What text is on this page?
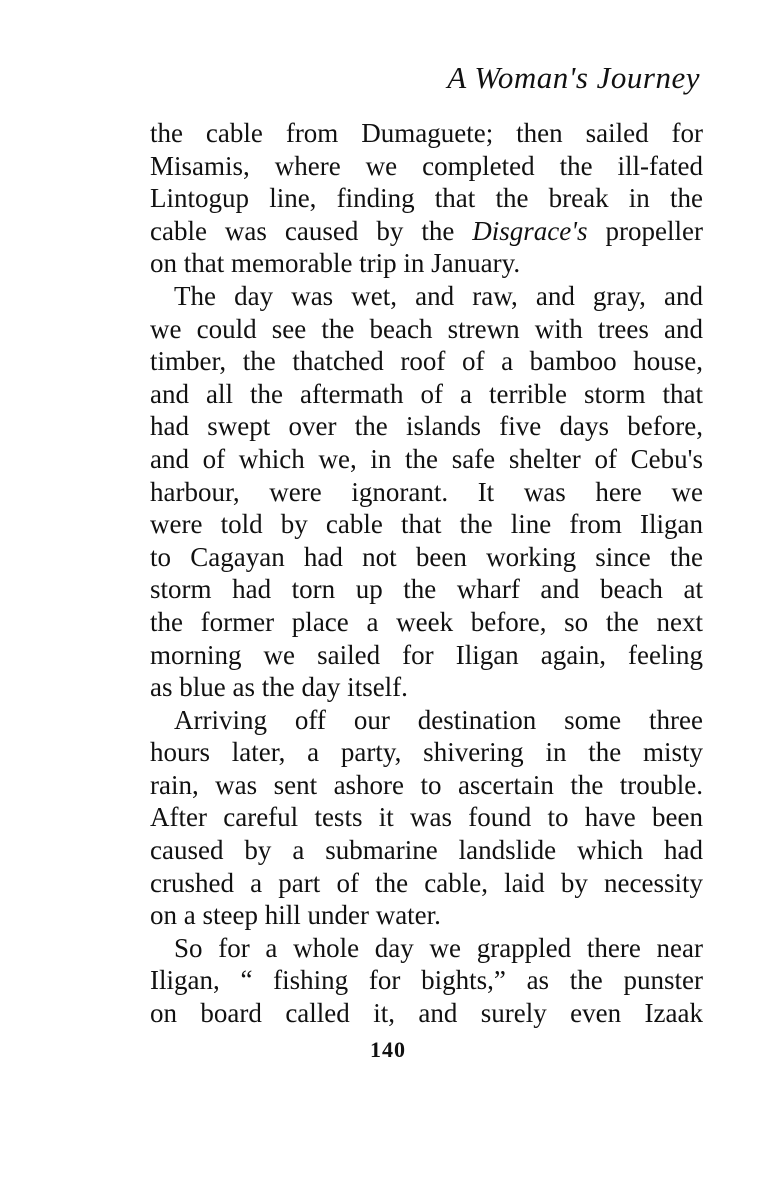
A Woman's Journey
the cable from Dumaguete; then sailed for
Misamis, where we completed the ill-fated
Lintogup line, finding that the break in the
cable was caused by the Disgrace's propeller
on that memorable trip in January.
The day was wet, and raw, and gray, and
we could see the beach strewn with trees and
timber, the thatched roof of a bamboo house,
and all the aftermath of a terrible storm that
had swept over the islands five days before,
and of which we, in the safe shelter of Cebu's
harbour, were ignorant. It was here we
were told by cable that the line from Iligan
to Cagayan had not been working since the
storm had torn up the wharf and beach at
the former place a week before, so the next
morning we sailed for Iligan again, feeling
as blue as the day itself.
Arriving off our destination some three
hours later, a party, shivering in the misty
rain, was sent ashore to ascertain the trouble.
After careful tests it was found to have been
caused by a submarine landslide which had
crushed a part of the cable, laid by necessity
on a steep hill under water.
So for a whole day we grappled there near
Iligan, “ fishing for bights,” as the punster
on board called it, and surely even Izaak
140
